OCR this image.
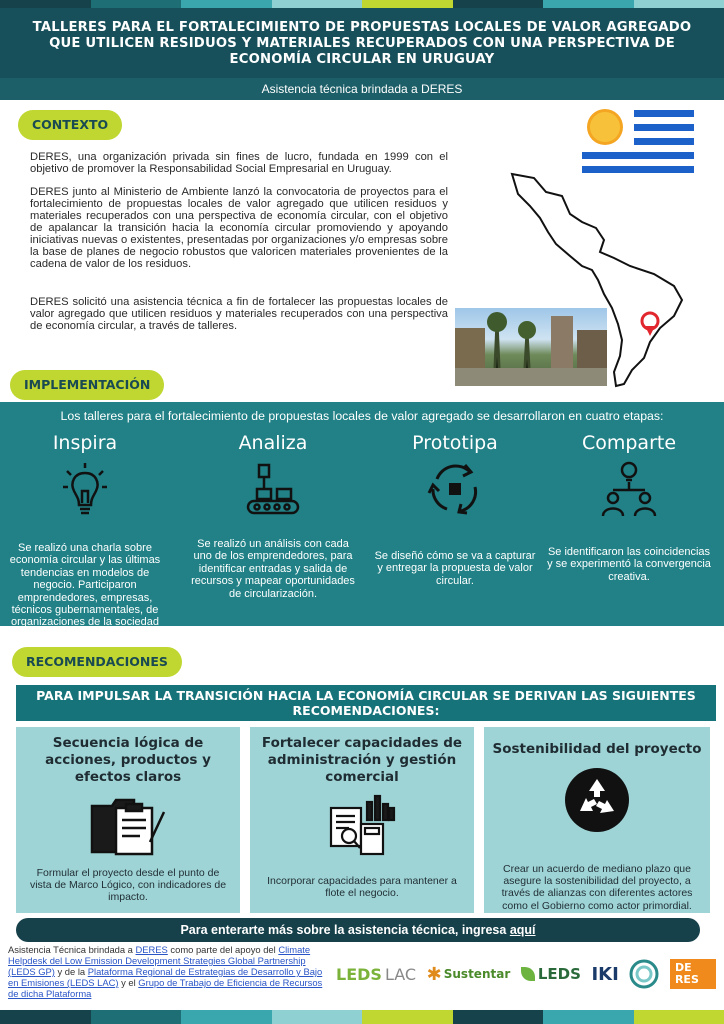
TALLERES PARA EL FORTALECIMIENTO DE PROPUESTAS LOCALES DE VALOR AGREGADO QUE UTILICEN RESIDUOS Y MATERIALES RECUPERADOS CON UNA PERSPECTIVA DE ECONOMÍA CIRCULAR EN URUGUAY
Asistencia técnica brindada a DERES
CONTEXTO
DERES, una organización privada sin fines de lucro, fundada en 1999 con el objetivo de promover la Responsabilidad Social Empresarial en Uruguay.
DERES junto al Ministerio de Ambiente lanzó la convocatoria de proyectos para el fortalecimiento de propuestas locales de valor agregado que utilicen residuos y materiales recuperados con una perspectiva de economía circular, con el objetivo de apalancar la transición hacia la economía circular promoviendo y apoyando iniciativas nuevas o existentes, presentadas por organizaciones y/o empresas sobre la base de planes de negocio robustos que valoricen materiales provenientes de la cadena de valor de los residuos.
DERES solicitó una asistencia técnica a fin de fortalecer las propuestas locales de valor agregado que utilicen residuos y materiales recuperados con una perspectiva de economía circular, a través de talleres.
IMPLEMENTACIÓN
Los talleres para el fortalecimiento de propuestas locales de valor agregado se desarrollaron en cuatro etapas:
Inspira
Se realizó una charla sobre economía circular y las últimas tendencias en modelos de negocio. Participaron emprendedores, empresas, técnicos gubernamentales, de organizaciones de la sociedad civil, etc.
Analiza
Se realizó un análisis con cada uno de los emprendedores, para identificar entradas y salida de recursos y mapear oportunidades de circularización.
Prototipa
Se diseñó cómo se va a capturar y entregar la propuesta de valor circular.
Comparte
Se identificaron las coincidencias y se experimentó la convergencia creativa.
RECOMENDACIONES
PARA IMPULSAR LA TRANSICIÓN HACIA LA ECONOMÍA CIRCULAR SE DERIVAN LAS SIGUIENTES RECOMENDACIONES:
Secuencia lógica de acciones, productos y efectos claros
Formular el proyecto desde el punto de vista de Marco Lógico, con indicadores de impacto.
Fortalecer capacidades de administración y gestión comercial
Incorporar capacidades para mantener a flote el negocio.
Sostenibilidad del proyecto
Crear un acuerdo de mediano plazo que asegure la sostenibilidad del proyecto, a través de alianzas con diferentes actores como el Gobierno como actor primordial.
Para enterarte más sobre la asistencia técnica, ingresa aquí
Asistencia Técnica brindada a DERES como parte del apoyo del Climate Helpdesk del Low Emission Development Strategies Global Partnership (LEDS GP) y de la Plataforma Regional de Estrategias de Desarrollo y Bajo en Emisiones (LEDS LAC) y el Grupo de Trabajo de Eficiencia de Recursos de dicha Plataforma
LEDS LAC ✱ Sustentar LEDS IKI	DE RES
